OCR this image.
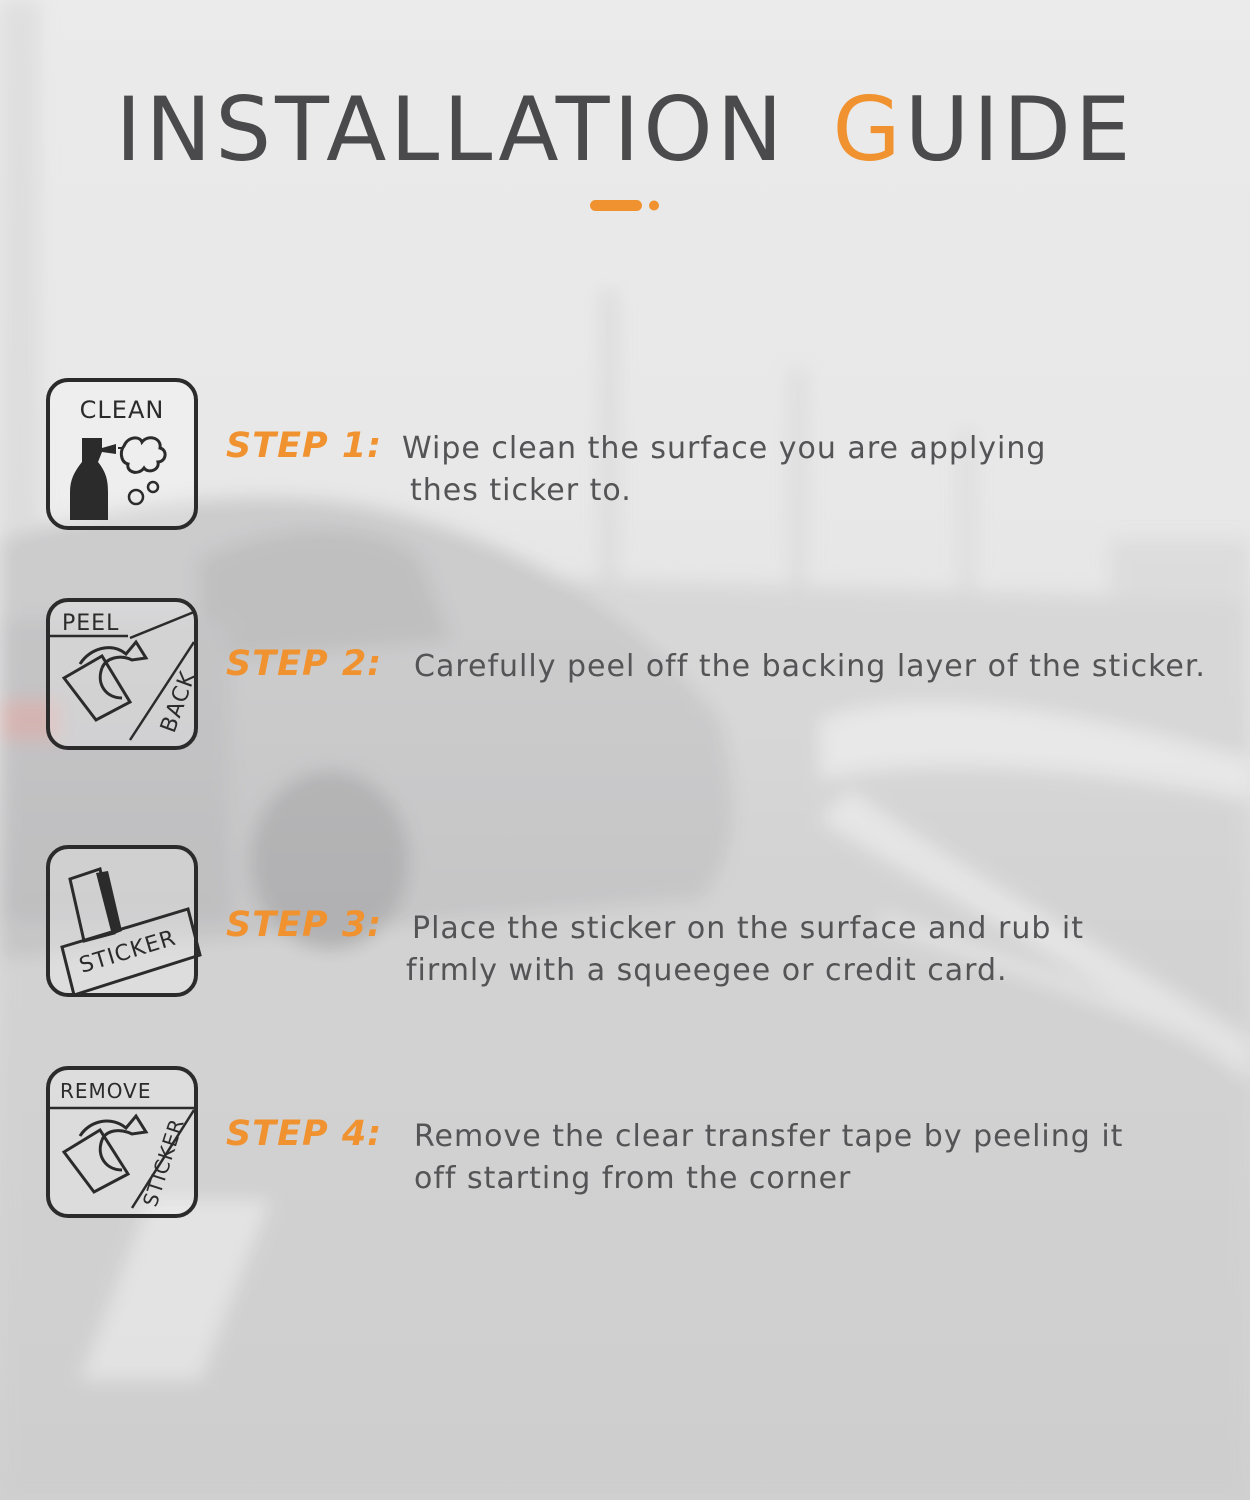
INSTALLATION GUIDE
CLEAN
STEP 1: Wipe clean the surface you are applying
thes ticker to.
PEEL
BACK
STEP 2: Carefully peel off the backing layer of the sticker.
STICKER
STEP 3: Place the sticker on the surface and rub it
firmly with a squeegee or credit card.
REMOVE
STICKER STEP 4: Remove the clear transfer tape by peeling it
off starting from the corner
